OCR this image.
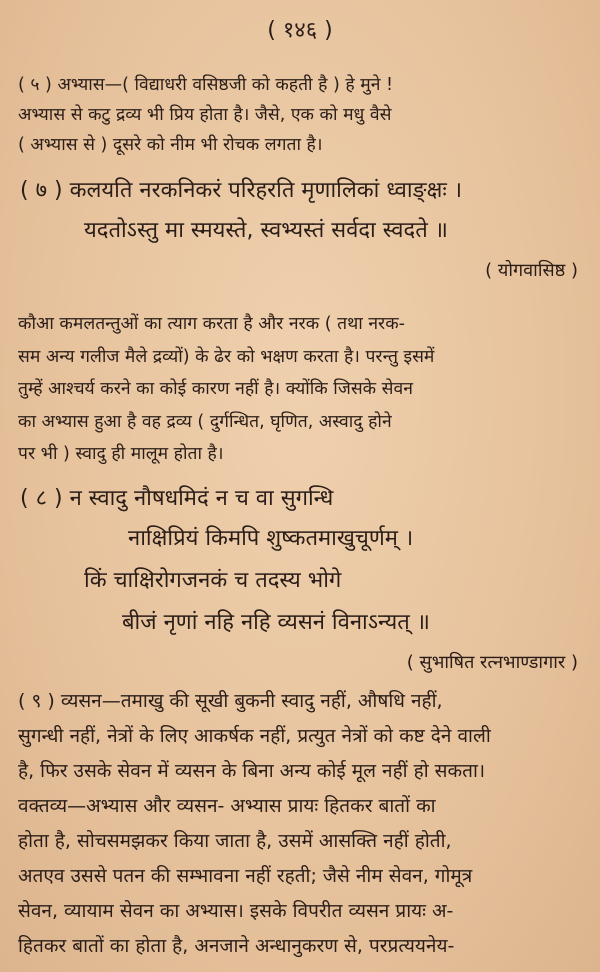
( १४६ )
( ५ ) अभ्यास—( विद्याधरी वसिष्ठजी को कहती है ) हे मुने !
अभ्यास से कटु द्रव्य भी प्रिय होता है। जैसे, एक को मधु वैसे
( अभ्यास से ) दूसरे को नीम भी रोचक लगता है।
( ७ ) कलयति नरकनिकरं परिहरति मृणालिकां ध्वाङ्क्षः ।
यदतोऽस्तु मा स्मयस्ते, स्वभ्यस्तं सर्वदा स्वदते ॥
( योगवासिष्ठ )
कौआ कमलतन्तुओं का त्याग करता है और नरक ( तथा नरक-
सम अन्य गलीज मैले द्रव्यों) के ढेर को भक्षण करता है। परन्तु इसमें
तुम्हें आश्चर्य करने का कोई कारण नहीं है। क्योंकि जिसके सेवन
का अभ्यास हुआ है वह द्रव्य ( दुर्गन्धित, घृणित, अस्वादु होने
पर भी ) स्वादु ही मालूम होता है।
( ८ ) न स्वादु नौषधमिदं न च वा सुगन्धि
नाक्षिप्रियं किमपि शुष्कतमाखुचूर्णम् ।
किं चाक्षिरोगजनकं च तदस्य भोगे
बीजं नृणां नहि नहि व्यसनं विनाऽन्यत् ॥
( सुभाषित रत्नभाण्डागार )
( ९ ) व्यसन—तमाखु की सूखी बुकनी स्वादु नहीं, औषधि नहीं,
सुगन्धी नहीं, नेत्रों के लिए आकर्षक नहीं, प्रत्युत नेत्रों को कष्ट देने वाली
है, फिर उसके सेवन में व्यसन के बिना अन्य कोई मूल नहीं हो सकता।
वक्तव्य—अभ्यास और व्यसन- अभ्यास प्रायः हितकर बातों का
होता है, सोचसमझकर किया जाता है, उसमें आसक्ति नहीं होती,
अतएव उससे पतन की सम्भावना नहीं रहती; जैसे नीम सेवन, गोमूत्र
सेवन, व्यायाम सेवन का अभ्यास। इसके विपरीत व्यसन प्रायः अ-
हितकर बातों का होता है, अनजाने अन्धानुकरण से, परप्रत्ययनेय-
